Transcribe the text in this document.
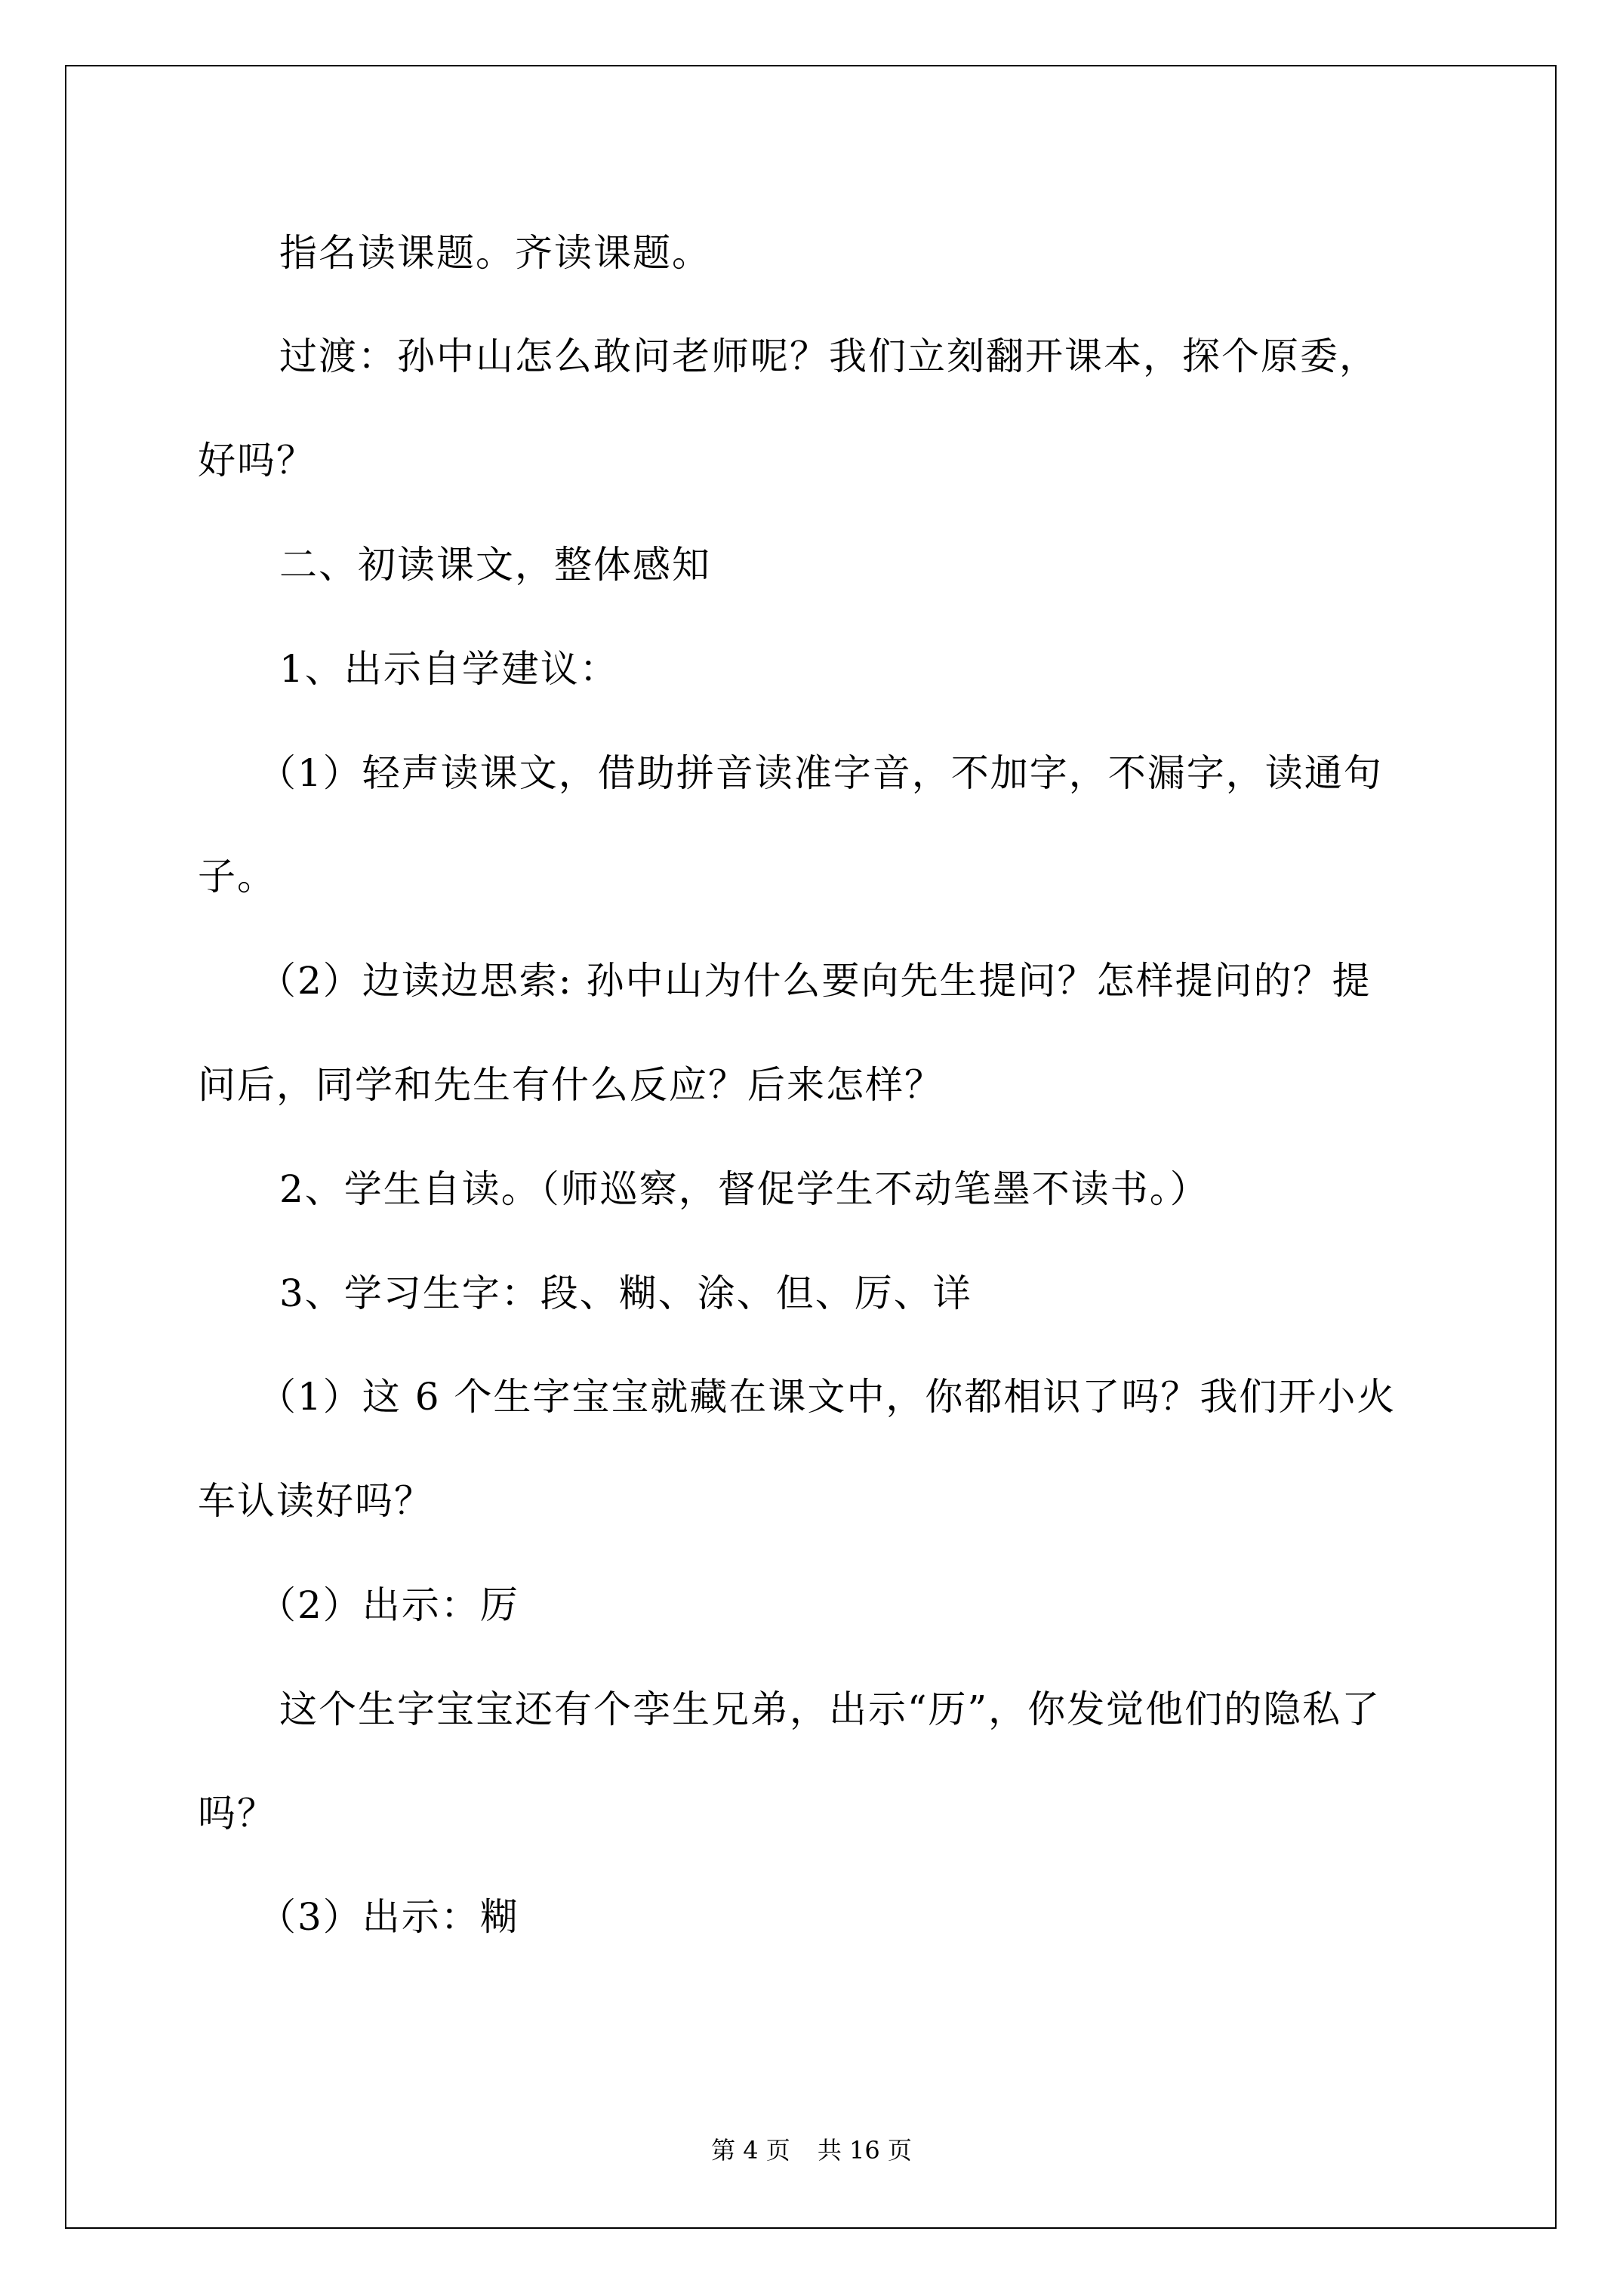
指名读课题。齐读课题。
过渡：孙中山怎么敢问老师呢？我们立刻翻开课本，探个原委，
好吗？
二、初读课文，整体感知
1、出示自学建议：
（1）轻声读课文，借助拼音读准字音，不加字，不漏字，读通句
子。
（2）边读边思索: 孙中山为什么要向先生提问？怎样提问的？提
问后，同学和先生有什么反应？后来怎样？
2、学生自读。（师巡察，督促学生不动笔墨不读书。）
3、学习生字：段、糊、涂、但、厉、详
（1）这 6 个生字宝宝就藏在课文中，你都相识了吗？我们开小火
车认读好吗？
（2）出示：厉
这个生字宝宝还有个孪生兄弟，出示“历”，你发觉他们的隐私了
吗？
（3）出示：糊
第 4 页 共 16 页
